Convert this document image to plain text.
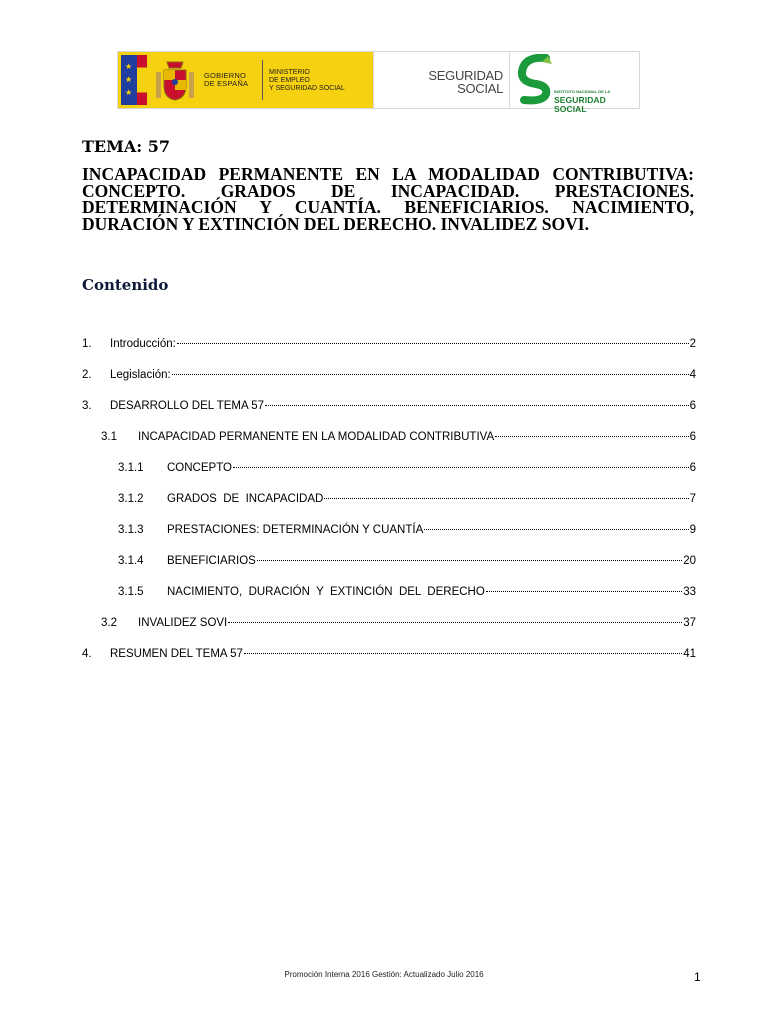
★
★
★
GOBIERNO
DE ESPAÑA
MINISTERIO
DE EMPLEO
Y SEGURIDAD SOCIAL
SEGURIDAD
SOCIAL	INSTITUTO NACIONAL DE LA
SEGURIDAD SOCIAL
TEMA: 57
INCAPACIDAD PERMANENTE EN LA MODALIDAD CONTRIBUTIVA: CONCEPTO. GRADOS DE INCAPACIDAD. PRESTACIONES. DETERMINACIÓN Y CUANTÍA. BENEFICIARIOS. NACIMIENTO, DURACIÓN Y EXTINCIÓN DEL DERECHO. INVALIDEZ SOVI.
Contenido
1.	Introducción:	2
2.	Legislación:	4
3.	DESARROLLO DEL TEMA 57	6
3.1	INCAPACIDAD PERMANENTE EN LA MODALIDAD CONTRIBUTIVA	6
3.1.1	CONCEPTO	6
3.1.2	GRADOS  DE  INCAPACIDAD	7
3.1.3	PRESTACIONES: DETERMINACIÓN Y CUANTÍA	9
3.1.4	BENEFICIARIOS	20
3.1.5	NACIMIENTO,  DURACIÓN  Y  EXTINCIÓN  DEL  DERECHO	33
3.2	INVALIDEZ SOVI	37
4.	RESUMEN DEL TEMA 57	41
Promoción Interna 2016 Gestión: Actualizado Julio 2016	1
